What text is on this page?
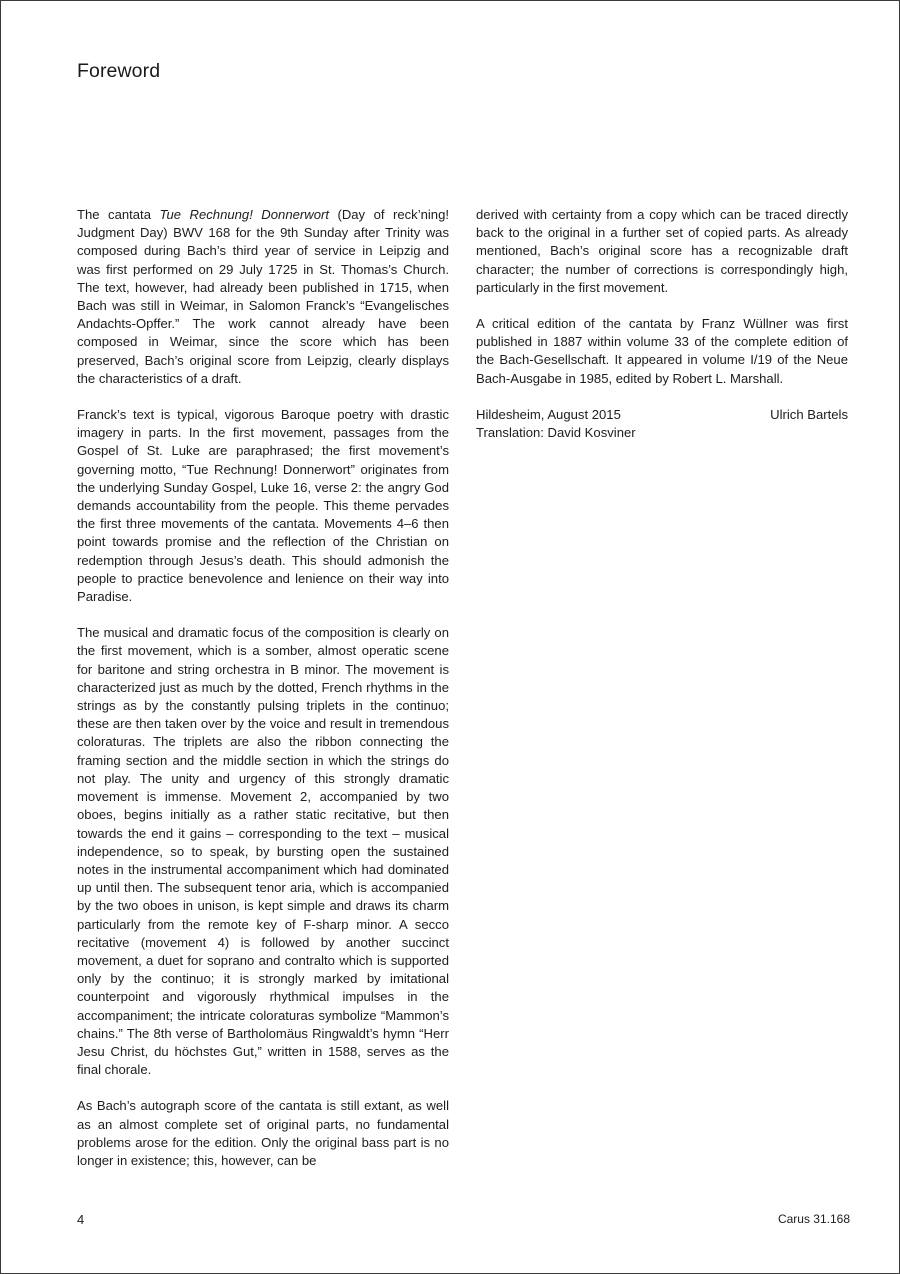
Foreword

The cantata Tue Rechnung! Donnerwort (Day of reck’ning! Judgment Day) BWV 168 for the 9th Sunday after Trinity was composed during Bach’s third year of service in Leipzig and was first performed on 29 July 1725 in St. Thomas’s Church. The text, however, had already been published in 1715, when Bach was still in Weimar, in Salomon Franck’s “Evangelisches Andachts-Opffer.” The work cannot already have been composed in Weimar, since the score which has been preserved, Bach’s original score from Leipzig, clearly displays the characteristics of a draft.

Franck’s text is typical, vigorous Baroque poetry with drastic imagery in parts. In the first movement, passages from the Gospel of St. Luke are paraphrased; the first movement’s governing motto, “Tue Rechnung! Donnerwort” originates from the underlying Sunday Gospel, Luke 16, verse 2: the angry God demands accountability from the people. This theme pervades the first three movements of the cantata. Movements 4–6 then point towards promise and the reflection of the Christian on redemption through Jesus’s death. This should admonish the people to practice benevolence and lenience on their way into Paradise.

The musical and dramatic focus of the composition is clearly on the first movement, which is a somber, almost operatic scene for baritone and string orchestra in B minor. The movement is characterized just as much by the dotted, French rhythms in the strings as by the constantly pulsing triplets in the continuo; these are then taken over by the voice and result in tremendous coloraturas. The triplets are also the ribbon connecting the framing section and the middle section in which the strings do not play. The unity and urgency of this strongly dramatic movement is immense. Movement 2, accompanied by two oboes, begins initially as a rather static recitative, but then towards the end it gains – corresponding to the text – musical independence, so to speak, by bursting open the sustained notes in the instrumental accompaniment which had dominated up until then. The subsequent tenor aria, which is accompanied by the two oboes in unison, is kept simple and draws its charm particularly from the remote key of F-sharp minor. A secco recitative (movement 4) is followed by another succinct movement, a duet for soprano and contralto which is supported only by the continuo; it is strongly marked by imitational counterpoint and vigorously rhythmical impulses in the accompaniment; the intricate coloraturas symbolize “Mammon’s chains.” The 8th verse of Bartholomäus Ringwaldt’s hymn “Herr Jesu Christ, du höchstes Gut,” written in 1588, serves as the final chorale.

As Bach’s autograph score of the cantata is still extant, as well as an almost complete set of original parts, no fundamental problems arose for the edition. Only the original bass part is no longer in existence; this, however, can be

derived with certainty from a copy which can be traced directly back to the original in a further set of copied parts. As already mentioned, Bach’s original score has a recognizable draft character; the number of corrections is correspondingly high, particularly in the first movement.

A critical edition of the cantata by Franz Wüllner was first published in 1887 within volume 33 of the complete edition of the Bach-Gesellschaft. It appeared in volume I/19 of the Neue Bach-Ausgabe in 1985, edited by Robert L. Marshall.

Hildesheim, August 2015	Ulrich Bartels

Translation: David Kosviner

4	Carus 31.168
